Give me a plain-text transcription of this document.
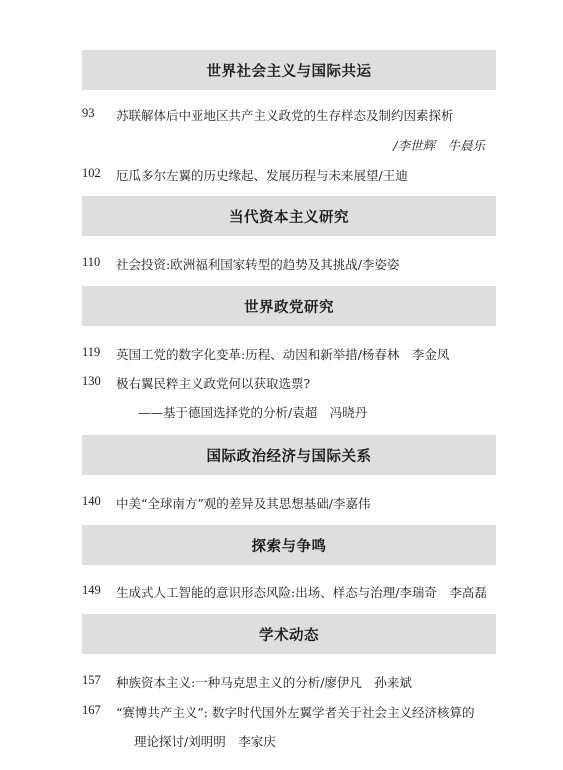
世界社会主义与国际共运
93 苏联解体后中亚地区共产主义政党的生存样态及制约因素探析
/李世辉　牛晨乐
102 厄瓜多尔左翼的历史缘起、发展历程与未来展望/王迪
当代资本主义研究
110 社会投资:欧洲福利国家转型的趋势及其挑战/李姿姿
世界政党研究
119 英国工党的数字化变革:历程、动因和新举措/杨春林　李金凤
130 极右翼民粹主义政党何以获取选票?
——基于德国选择党的分析/袁超　冯晓丹
国际政治经济与国际关系
140 中美“全球南方”观的差异及其思想基础/李嘉伟
探索与争鸣
149 生成式人工智能的意识形态风险:出场、样态与治理/李瑞奇　李高磊
学术动态
157 种族资本主义:一种马克思主义的分析/廖伊凡　孙来斌
167 “赛博共产主义”: 数字时代国外左翼学者关于社会主义经济核算的
理论探讨/刘明明　李家庆
